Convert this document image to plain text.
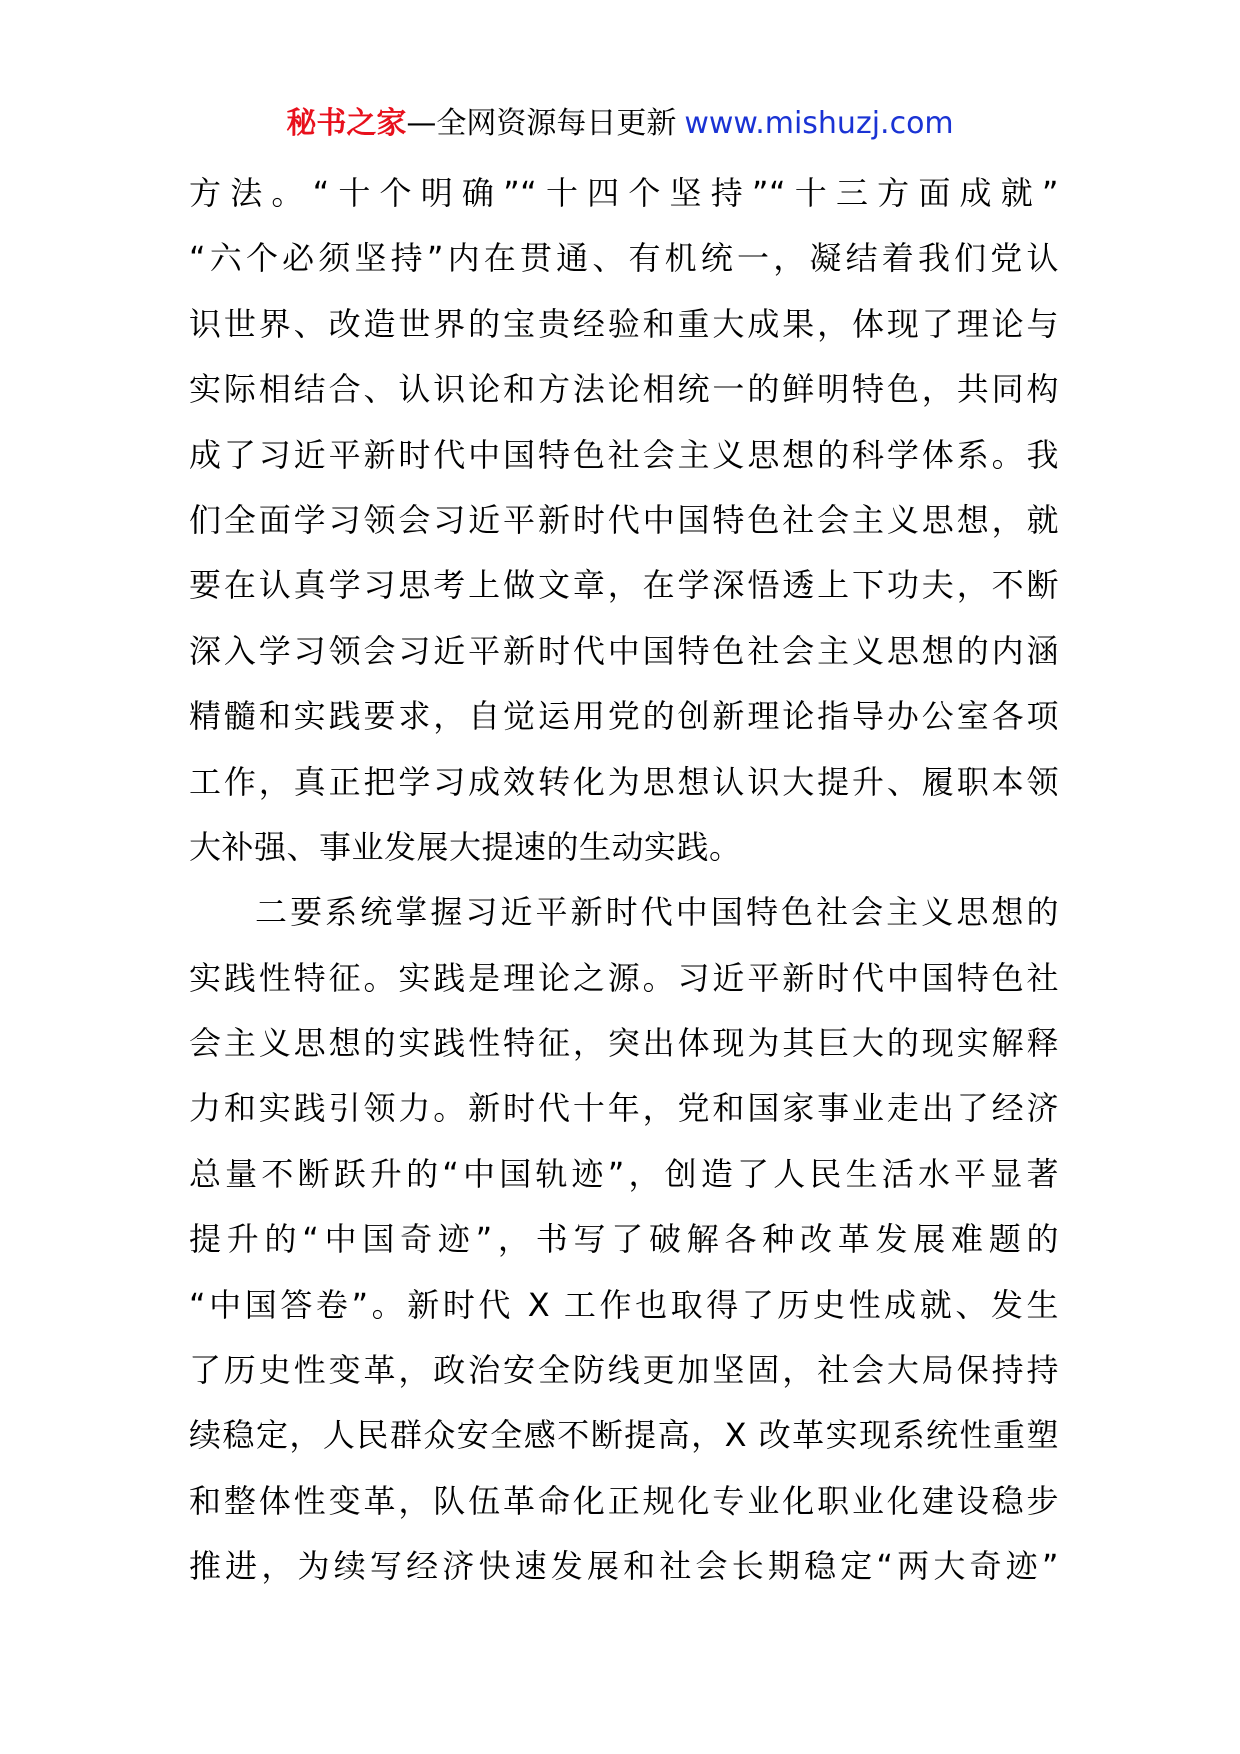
秘书之家—全网资源每日更新 www.mishuzj.com
方法。“十个明确”“十四个坚持”“十三方面成就”
“六个必须坚持”内在贯通、有机统一，凝结着我们党认
识世界、改造世界的宝贵经验和重大成果，体现了理论与
实际相结合、认识论和方法论相统一的鲜明特色，共同构
成了习近平新时代中国特色社会主义思想的科学体系。我
们全面学习领会习近平新时代中国特色社会主义思想，就
要在认真学习思考上做文章，在学深悟透上下功夫，不断
深入学习领会习近平新时代中国特色社会主义思想的内涵
精髓和实践要求，自觉运用党的创新理论指导办公室各项
工作，真正把学习成效转化为思想认识大提升、履职本领
大补强、事业发展大提速的生动实践。
二要系统掌握习近平新时代中国特色社会主义思想的
实践性特征。实践是理论之源。习近平新时代中国特色社
会主义思想的实践性特征，突出体现为其巨大的现实解释
力和实践引领力。新时代十年，党和国家事业走出了经济
总量不断跃升的“中国轨迹”，创造了人民生活水平显著
提升的“中国奇迹”，书写了破解各种改革发展难题的
“中国答卷”。新时代 X 工作也取得了历史性成就、发生
了历史性变革，政治安全防线更加坚固，社会大局保持持
续稳定，人民群众安全感不断提高，X 改革实现系统性重塑
和整体性变革，队伍革命化正规化专业化职业化建设稳步
推进，为续写经济快速发展和社会长期稳定“两大奇迹”
